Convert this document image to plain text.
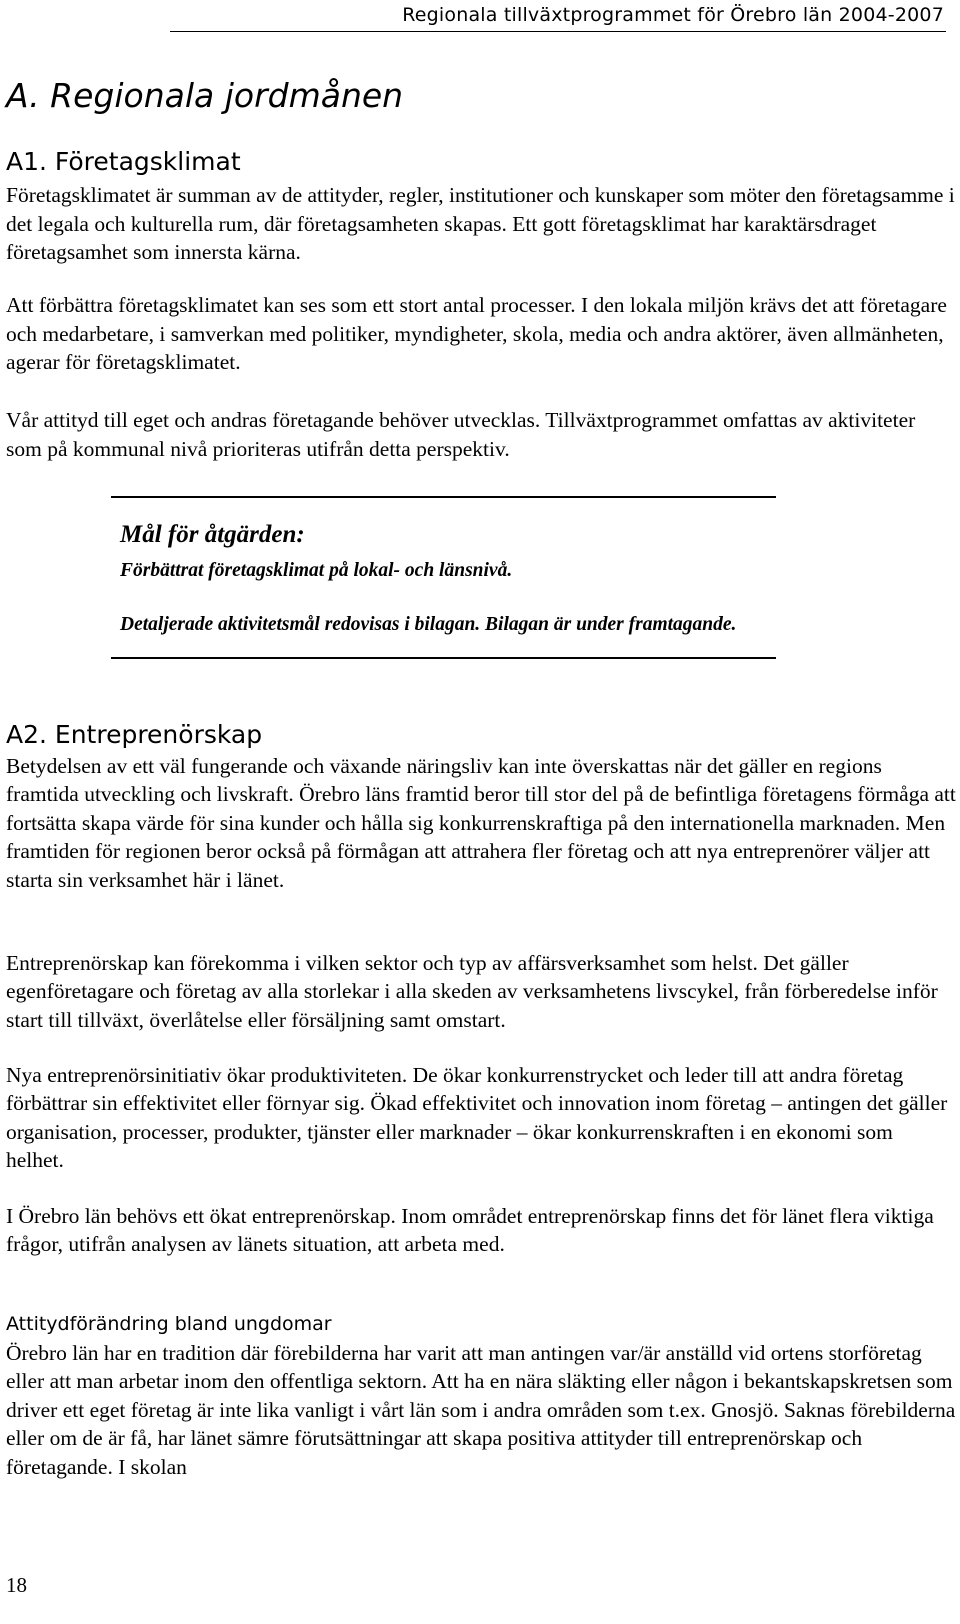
Regionala tillväxtprogrammet för Örebro län 2004-2007
A. Regionala jordmånen
A1. Företagsklimat

Företagsklimatet är summan av de attityder, regler, institutioner och kunskaper som möter den företagsamme i det legala och kulturella rum, där företagsamheten skapas. Ett gott företagsklimat har karaktärsdraget företagsamhet som innersta kärna.

Att förbättra företagsklimatet kan ses som ett stort antal processer. I den lokala miljön krävs det att företagare och medarbetare, i samverkan med politiker, myndigheter, skola, media och andra aktörer, även allmänheten, agerar för företagsklimatet.

Vår attityd till eget och andras företagande behöver utvecklas. Tillväxtprogrammet omfattas av aktiviteter som på kommunal nivå prioriteras utifrån detta perspektiv.

Mål för åtgärden:
Förbättrat företagsklimat på lokal- och länsnivå.
Detaljerade aktivitetsmål redovisas i bilagan. Bilagan är under framtagande.
A2. Entreprenörskap

Betydelsen av ett väl fungerande och växande näringsliv kan inte överskattas när det gäller en regions framtida utveckling och livskraft. Örebro läns framtid beror till stor del på de befintliga företagens förmåga att fortsätta skapa värde för sina kunder och hålla sig konkurrenskraftiga på den internationella marknaden. Men framtiden för regionen beror också på förmågan att attrahera fler företag och att nya entreprenörer väljer att starta sin verksamhet här i länet.

Entreprenörskap kan förekomma i vilken sektor och typ av affärsverksamhet som helst. Det gäller egenföretagare och företag av alla storlekar i alla skeden av verksamhetens livscykel, från förberedelse inför start till tillväxt, överlåtelse eller försäljning samt omstart.

Nya entreprenörsinitiativ ökar produktiviteten. De ökar konkurrenstrycket och leder till att andra företag förbättrar sin effektivitet eller förnyar sig. Ökad effektivitet och innovation inom företag – antingen det gäller organisation, processer, produkter, tjänster eller marknader – ökar konkurrenskraften i en ekonomi som helhet.

I Örebro län behövs ett ökat entreprenörskap. Inom området entreprenörskap finns det för länet flera viktiga frågor, utifrån analysen av länets situation, att arbeta med.

Attitydförändring bland ungdomar

Örebro län har en tradition där förebilderna har varit att man antingen var/är anställd vid ortens storföretag eller att man arbetar inom den offentliga sektorn. Att ha en nära släkting eller någon i bekantskapskretsen som driver ett eget företag är inte lika vanligt i vårt län som i andra områden som t.ex. Gnosjö. Saknas förebilderna eller om de är få, har länet sämre förutsättningar att skapa positiva attityder till entreprenörskap och företagande. I skolan

18
